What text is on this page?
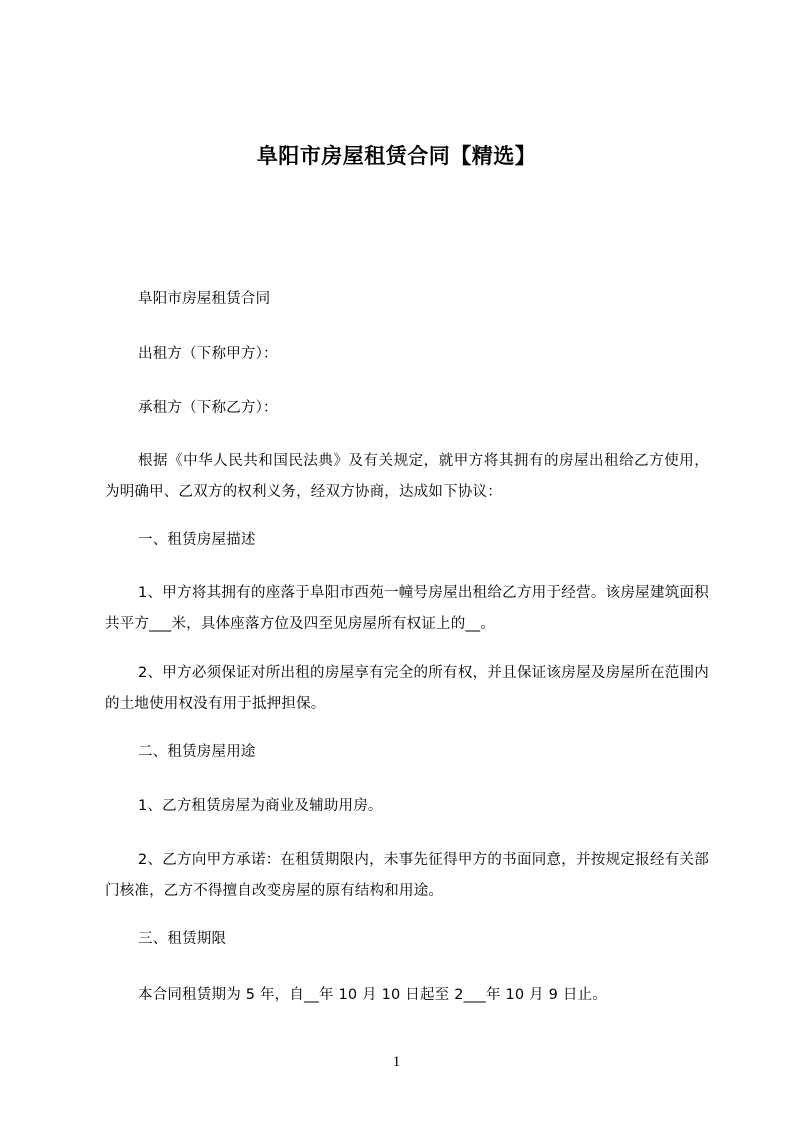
阜阳市房屋租赁合同【精选】
阜阳市房屋租赁合同
出租方（下称甲方）：
承租方（下称乙方）：
根据《中华人民共和国民法典》及有关规定，就甲方将其拥有的房屋出租给乙方使用，为明确甲、乙双方的权利义务，经双方协商，达成如下协议：
一、租赁房屋描述
1、甲方将其拥有的座落于阜阳市西苑一幢号房屋出租给乙方用于经营。该房屋建筑面积共平方___米，具体座落方位及四至见房屋所有权证上的__。
2、甲方必须保证对所出租的房屋享有完全的所有权，并且保证该房屋及房屋所在范围内的土地使用权没有用于抵押担保。
二、租赁房屋用途
1、乙方租赁房屋为商业及辅助用房。
2、乙方向甲方承诺：在租赁期限内，未事先征得甲方的书面同意，并按规定报经有关部门核准，乙方不得擅自改变房屋的原有结构和用途。
三、租赁期限
本合同租赁期为 5 年，自__年 10 月 10 日起至 2___年 10 月 9 日止。
1
